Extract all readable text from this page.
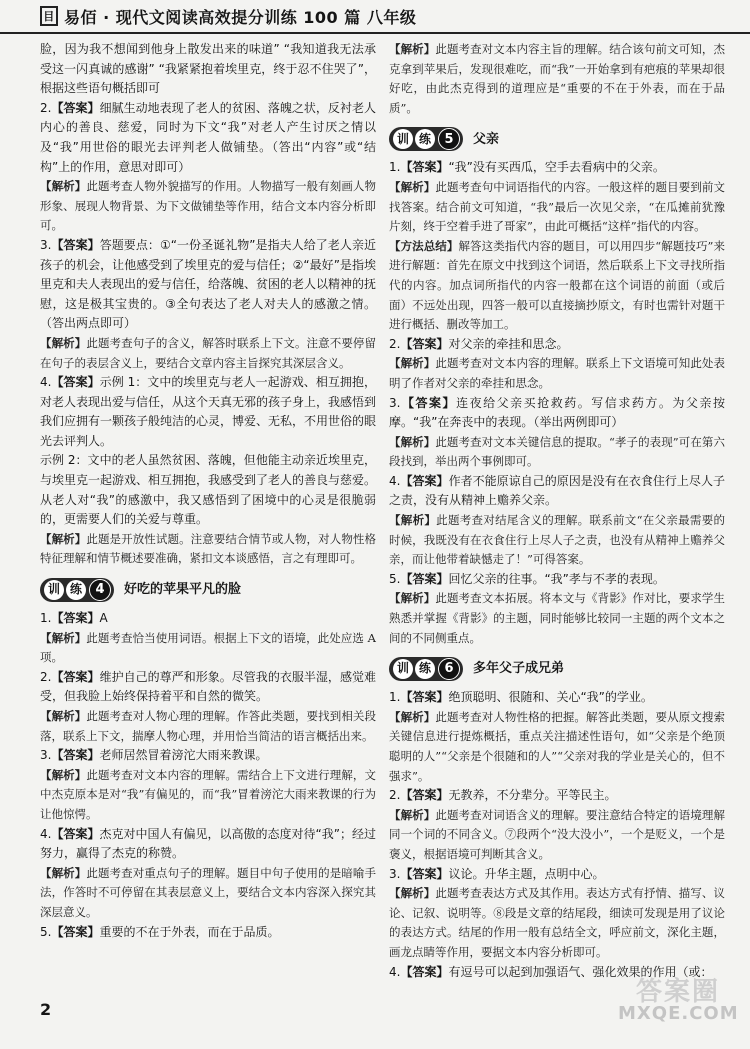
目 易佰 · 现代文阅读高效提分训练 100 篇 八年级

脸，因为我不想闻到他身上散发出来的味道” “我知道我无法承受这一闪真诚的感谢” “我紧紧抱着埃里克，终于忍不住哭了”，根据这些语句概括即可

2.【答案】细腻生动地表现了老人的贫困、落魄之状，反衬老人内心的善良、慈爱，同时为下文“我”对老人产生讨厌之情以及“我”用世俗的眼光去评判老人做铺垫。（答出“内容”或“结构”上的作用，意思对即可）

【解析】此题考查人物外貌描写的作用。人物描写一般有刻画人物形象、展现人物背景、为下文做铺垫等作用，结合文本内容分析即可。

3.【答案】答题要点：①“一份圣诞礼物”是指夫人给了老人亲近孩子的机会，让他感受到了埃里克的爱与信任；②“最好”是指埃里克和夫人表现出的爱与信任，给落魄、贫困的老人以精神的抚慰，这是极其宝贵的。③全句表达了老人对夫人的感激之情。（答出两点即可）

【解析】此题考查句子的含义，解答时联系上下文。注意不要停留在句子的表层含义上，要结合文章内容主旨探究其深层含义。

4.【答案】示例 1：文中的埃里克与老人一起游戏、相互拥抱，对老人表现出爱与信任，从这个天真无邪的孩子身上，我感悟到我们应拥有一颗孩子般纯洁的心灵，博爱、无私，不用世俗的眼光去评判人。

示例 2：文中的老人虽然贫困、落魄，但他能主动亲近埃里克，与埃里克一起游戏、相互拥抱，我感受到了老人的善良与慈爱。从老人对“我”的感激中，我又感悟到了困境中的心灵是很脆弱的，更需要人们的关爱与尊重。

【解析】此题是开放性试题。注意要结合情节或人物，对人物性格特征理解和情节概述要准确，紧扣文本谈感悟，言之有理即可。

训 练	4	好吃的苹果平凡的脸

1.【答案】A

【解析】此题考查恰当使用词语。根据上下文的语境，此处应选 A 项。

2.【答案】维护自己的尊严和形象。尽管我的衣服半湿，感觉难受，但我脸上始终保持着平和自然的微笑。

【解析】此题考查对人物心理的理解。作答此类题，要找到相关段落，联系上下文，揣摩人物心理，并用恰当简洁的语言概括出来。

3.【答案】老师居然冒着滂沱大雨来教课。

【解析】此题考查对文本内容的理解。需结合上下文进行理解，文中杰克原本是对“我”有偏见的，而“我”冒着滂沱大雨来教课的行为让他惊愕。

4.【答案】杰克对中国人有偏见，以高傲的态度对待“我”；经过努力，赢得了杰克的称赞。

【解析】此题考查对重点句子的理解。题目中句子使用的是暗喻手法，作答时不可停留在其表层意义上，要结合文本内容深入探究其深层意义。

5.【答案】重要的不在于外表，而在于品质。

【解析】此题考查对文本内容主旨的理解。结合该句前文可知，杰克拿到苹果后，发现很难吃，而“我”一开始拿到有疤痕的苹果却很好吃，由此杰克得到的道理应是“重要的不在于外表，而在于品质”。

训 练	5	父亲

1.【答案】“我”没有买西瓜，空手去看病中的父亲。

【解析】此题考查句中词语指代的内容。一般这样的题目要到前文找答案。结合前文可知道，“我”最后一次见父亲，“在瓜摊前犹豫片刻，终于空着手进了哥家”，由此可概括“这样”指代的内容。

【方法总结】解答这类指代内容的题目，可以用四步“解题技巧”来进行解题：首先在原文中找到这个词语，然后联系上下文寻找所指代的内容。加点词所指代的内容一般都在这个词语的前面（或后面）不远处出现，四答一般可以直接摘抄原文，有时也需针对题干进行概括、删改等加工。

2.【答案】对父亲的牵挂和思念。

【解析】此题考查对文本内容的理解。联系上下文语境可知此处表明了作者对父亲的牵挂和思念。

3.【答案】连夜给父亲买抢救药。写信求药方。为父亲按摩。“我”在奔丧中的表现。（举出两例即可）

【解析】此题考查对文本关键信息的提取。“孝子的表现”可在第六段找到，举出两个事例即可。

4.【答案】作者不能原谅自己的原因是没有在衣食住行上尽人子之责，没有从精神上赡养父亲。

【解析】此题考查对结尾含义的理解。联系前文“在父亲最需要的时候，我既没有在衣食住行上尽人子之责，也没有从精神上赡养父亲，而让他带着缺憾走了！”可得答案。

5.【答案】回忆父亲的往事。“我”孝与不孝的表现。

【解析】此题考查文本拓展。将本文与《背影》作对比，要求学生熟悉并掌握《背影》的主题，同时能够比较同一主题的两个文本之间的不同侧重点。

训 练	6	多年父子成兄弟

1.【答案】绝顶聪明、很随和、关心“我”的学业。

【解析】此题考查对人物性格的把握。解答此类题，要从原文搜索关键信息进行提炼概括，重点关注描述性语句，如“父亲是个绝顶聪明的人”“父亲是个很随和的人”“父亲对我的学业是关心的，但不强求”。

2.【答案】无教养，不分辈分。平等民主。

【解析】此题考查对词语含义的理解。要注意结合特定的语境理解同一个词的不同含义。⑦段两个“没大没小”，一个是贬义，一个是褒义，根据语境可判断其含义。

3.【答案】议论。升华主题，点明中心。

【解析】此题考查表达方式及其作用。表达方式有抒情、描写、议论、记叙、说明等。⑧段是文章的结尾段，细读可发现是用了议论的表达方式。结尾的作用一般有总结全文，呼应前文，深化主题，画龙点睛等作用，要据文本内容分析即可。

4.【答案】有逗号可以起到加强语气、强化效果的作用（或：

2
答案圈
MXQE.COM
